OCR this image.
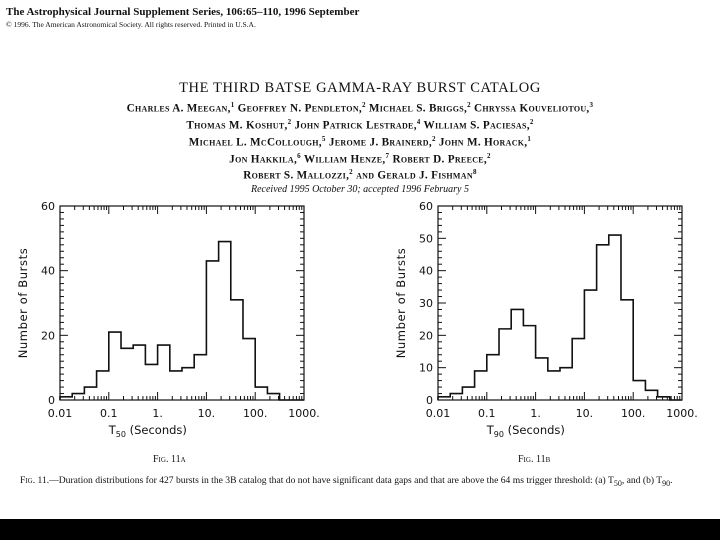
The Astrophysical Journal Supplement Series, 106:65–110, 1996 September
© 1996. The American Astronomical Society. All rights reserved. Printed in U.S.A.
THE THIRD BATSE GAMMA-RAY BURST CATALOG
Charles A. Meegan,$^1$ Geoffrey N. Pendleton,$^2$ Michael S. Briggs,$^2$ Chryssa Kouveliotou,$^3$
Thomas M. Koshut,$^2$ John Patrick Lestrade,$^4$ William S. Paciesas,$^2$
Michael L. McCollough,$^5$ Jerome J. Brainerd,$^2$ John M. Horack,$^1$
Jon Hakkila,$^6$ William Henze,$^7$ Robert D. Preece,$^2$
Robert S. Mallozzi,$^2$ and Gerald J. Fishman$^8$
Received 1995 October 30; accepted 1996 February 5
0.01	0.1	1.	10.	100. 1000.
0
20
40
60
Number of Bursts
$T_{50}$ (Seconds)
0.01	0.1	1.	10.	100. 1000.
0
10
20
30
40
50
60
Number of Bursts
$T_{90}$ (Seconds)
Fig. 11a	Fig. 11b
Fig. 11.—Duration distributions for 427 bursts in the 3B catalog that do not have significant data gaps and that are above the 64 ms trigger threshold: (a) $T_{50}$, and (b) $T_{90}$.
